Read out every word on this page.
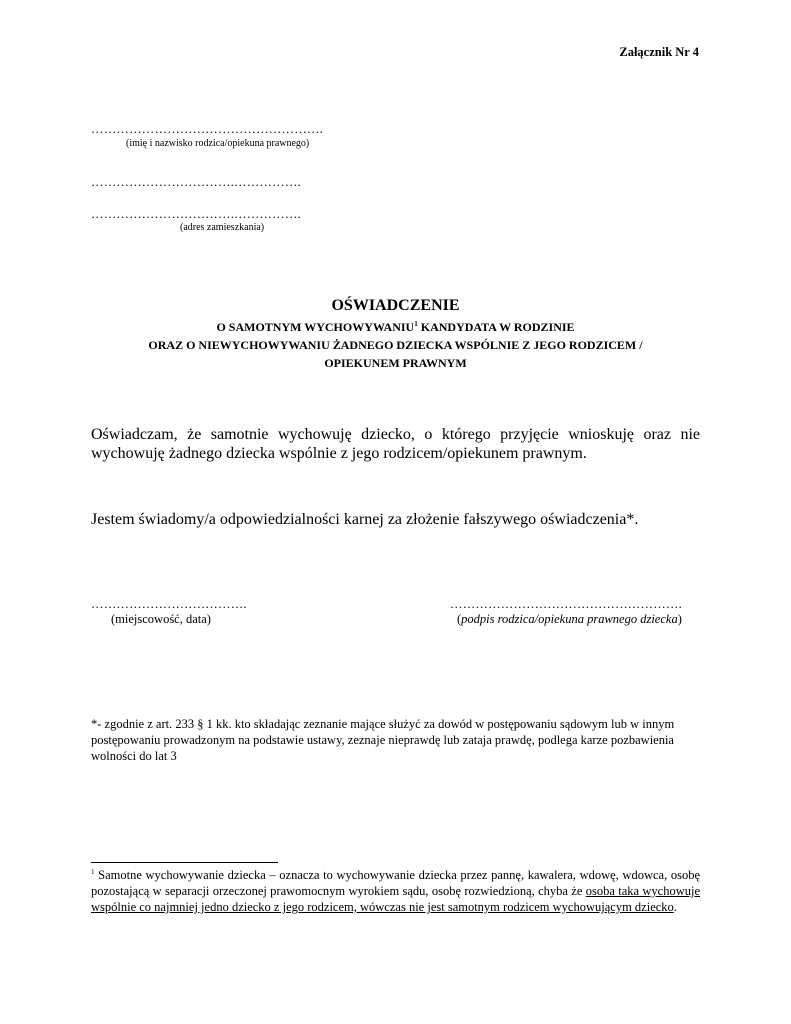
Załącznik Nr 4
……………………………………………….
(imię i nazwisko rodzica/opiekuna prawnego)
…………………………….…………….
…………………………….…………….
(adres zamieszkania)
OŚWIADCZENIE
O SAMOTNYM WYCHOWYWANIU$^1$ KANDYDATA W RODZINIE
ORAZ O NIEWYCHOWYWANIU ŻADNEGO DZIECKA WSPÓLNIE Z JEGO RODZICEM /
OPIEKUNEM PRAWNYM
Oświadczam, że samotnie wychowuję dziecko, o którego przyjęcie wnioskuję oraz nie
wychowuję żadnego dziecka wspólnie z jego rodzicem/opiekunem prawnym.
Jestem świadomy/a odpowiedzialności karnej za złożenie fałszywego oświadczenia*.
……………………………….
(miejscowość, data)
……………………………………………….
(podpis rodzica/opiekuna prawnego dziecka)
*- zgodnie z art. 233 § 1 kk. kto składając zeznanie mające służyć za dowód w postępowaniu sądowym lub w innym
postępowaniu prowadzonym na podstawie ustawy, zeznaje nieprawdę lub zataja prawdę, podlega karze pozbawienia
wolności do lat 3
$^1$ Samotne wychowywanie dziecka – oznacza to wychowywanie dziecka przez pannę, kawalera, wdowę, wdowca, osobę pozostającą w separacji orzeczonej prawomocnym wyrokiem sądu, osobę rozwiedzioną, chyba że osoba taka wychowuje wspólnie co najmniej jedno dziecko z jego rodzicem, wówczas nie jest samotnym rodzicem wychowującym dziecko.
